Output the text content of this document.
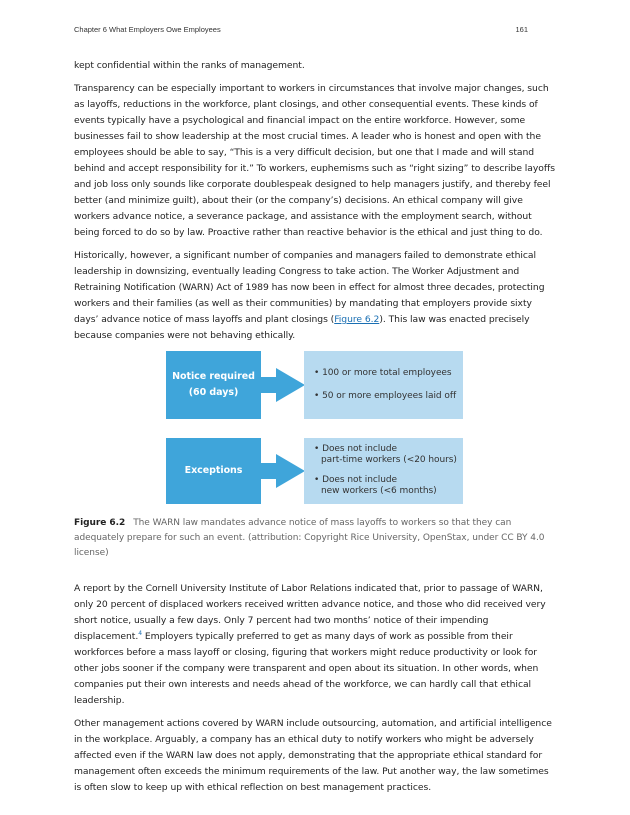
Chapter 6 What Employers Owe Employees	161

kept confidential within the ranks of management.

Transparency can be especially important to workers in circumstances that involve major changes, such as layoffs, reductions in the workforce, plant closings, and other consequential events. These kinds of events typically have a psychological and financial impact on the entire workforce. However, some businesses fail to show leadership at the most crucial times. A leader who is honest and open with the employees should be able to say, “This is a very difficult decision, but one that I made and will stand behind and accept responsibility for it.” To workers, euphemisms such as “right sizing” to describe layoffs and job loss only sounds like corporate doublespeak designed to help managers justify, and thereby feel better (and minimize guilt), about their (or the company’s) decisions. An ethical company will give workers advance notice, a severance package, and assistance with the employment search, without being forced to do so by law. Proactive rather than reactive behavior is the ethical and just thing to do.

Historically, however, a significant number of companies and managers failed to demonstrate ethical leadership in downsizing, eventually leading Congress to take action. The Worker Adjustment and Retraining Notification (WARN) Act of 1989 has now been in effect for almost three decades, protecting workers and their families (as well as their communities) by mandating that employers provide sixty days’ advance notice of mass layoffs and plant closings (Figure 6.2). This law was enacted precisely because companies were not behaving ethically.

Notice required
(60 days)
• 100 or more total employees
• 50 or more employees laid off
Exceptions
• Does not include
part-time workers (<20 hours)
• Does not include
new workers (<6 months)
Figure 6.2 The WARN law mandates advance notice of mass layoffs to workers so that they can adequately prepare for such an event. (attribution: Copyright Rice University, OpenStax, under CC BY 4.0 license)

A report by the Cornell University Institute of Labor Relations indicated that, prior to passage of WARN, only 20 percent of displaced workers received written advance notice, and those who did received very short notice, usually a few days. Only 7 percent had two months’ notice of their impending displacement.$^4$ Employers typically preferred to get as many days of work as possible from their workforces before a mass layoff or closing, figuring that workers might reduce productivity or look for other jobs sooner if the company were transparent and open about its situation. In other words, when companies put their own interests and needs ahead of the workforce, we can hardly call that ethical leadership.

Other management actions covered by WARN include outsourcing, automation, and artificial intelligence in the workplace. Arguably, a company has an ethical duty to notify workers who might be adversely affected even if the WARN law does not apply, demonstrating that the appropriate ethical standard for management often exceeds the minimum requirements of the law. Put another way, the law sometimes is often slow to keep up with ethical reflection on best management practices.
